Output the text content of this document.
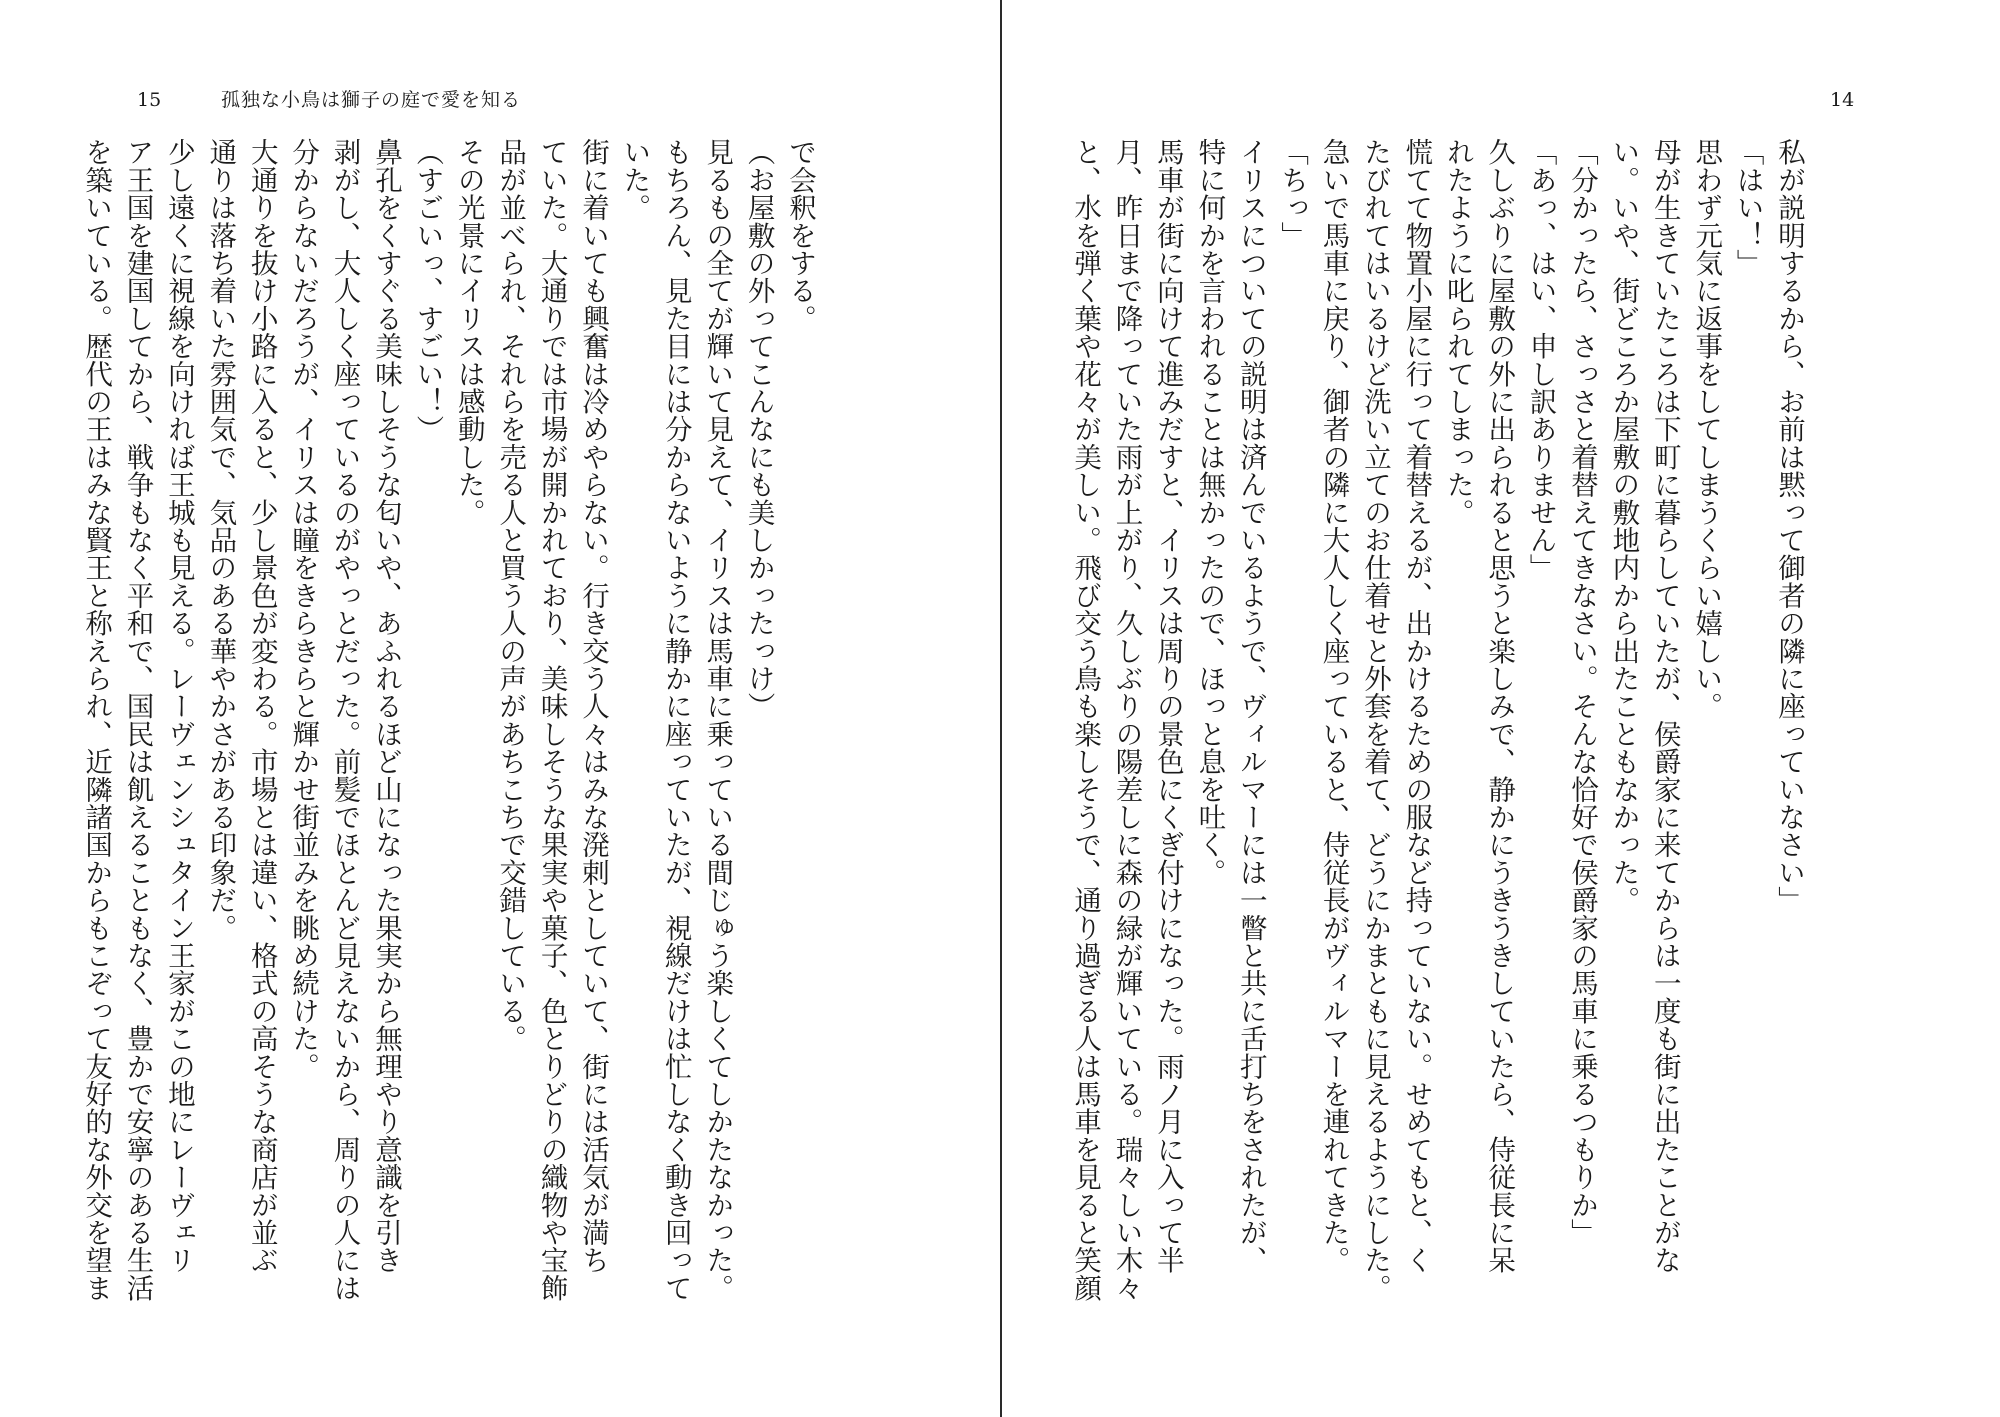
15	孤独な小鳥は獅子の庭で愛を知る
で会釈をする。
（お屋敷の外ってこんなにも美しかったっけ）
見るもの全てが輝いて見えて、イリスは馬車に乗っている間じゅう楽しくてしかたなかった。
もちろん、見た目には分からないように静かに座っていたが、視線だけは忙しなく動き回って
いた。
街に着いても興奮は冷めやらない。行き交う人々はみな溌剌としていて、街には活気が満ち
ていた。大通りでは市場が開かれており、美味しそうな果実や菓子、色とりどりの織物や宝飾
品が並べられ、それらを売る人と買う人の声があちこちで交錯している。
その光景にイリスは感動した。
（すごいっ、すごい！）
鼻孔をくすぐる美味しそうな匂いや、あふれるほど山になった果実から無理やり意識を引き
剥がし、大人しく座っているのがやっとだった。前髪でほとんど見えないから、周りの人には
分からないだろうが、イリスは瞳をきらきらと輝かせ街並みを眺め続けた。
大通りを抜け小路に入ると、少し景色が変わる。市場とは違い、格式の高そうな商店が並ぶ
通りは落ち着いた雰囲気で、気品のある華やかさがある印象だ。
少し遠くに視線を向ければ王城も見える。レーヴェンシュタイン王家がこの地にレーヴェリ
ア王国を建国してから、戦争もなく平和で、国民は飢えることもなく、豊かで安寧のある生活
を築いている。歴代の王はみな賢王と称えられ、近隣諸国からもこぞって友好的な外交を望ま
14
私が説明するから、お前は黙って御者の隣に座っていなさい」
「はい！」
思わず元気に返事をしてしまうくらい嬉しい。
母が生きていたころは下町に暮らしていたが、侯爵家に来てからは一度も街に出たことがな
い。いや、街どころか屋敷の敷地内から出たこともなかった。
「分かったら、さっさと着替えてきなさい。そんな恰好で侯爵家の馬車に乗るつもりか」
「あっ、はい、申し訳ありません」
久しぶりに屋敷の外に出られると思うと楽しみで、静かにうきうきしていたら、侍従長に呆
れたように叱られてしまった。
慌てて物置小屋に行って着替えるが、出かけるための服など持っていない。せめてもと、く
たびれてはいるけど洗い立てのお仕着せと外套を着て、どうにかまともに見えるようにした。
急いで馬車に戻り、御者の隣に大人しく座っていると、侍従長がヴィルマーを連れてきた。
「ちっ」
イリスについての説明は済んでいるようで、ヴィルマーには一瞥と共に舌打ちをされたが、
特に何かを言われることは無かったので、ほっと息を吐く。
馬車が街に向けて進みだすと、イリスは周りの景色にくぎ付けになった。雨ノ月に入って半
月、昨日まで降っていた雨が上がり、久しぶりの陽差しに森の緑が輝いている。瑞々しい木々
と、水を弾く葉や花々が美しい。飛び交う鳥も楽しそうで、通り過ぎる人は馬車を見ると笑顔
